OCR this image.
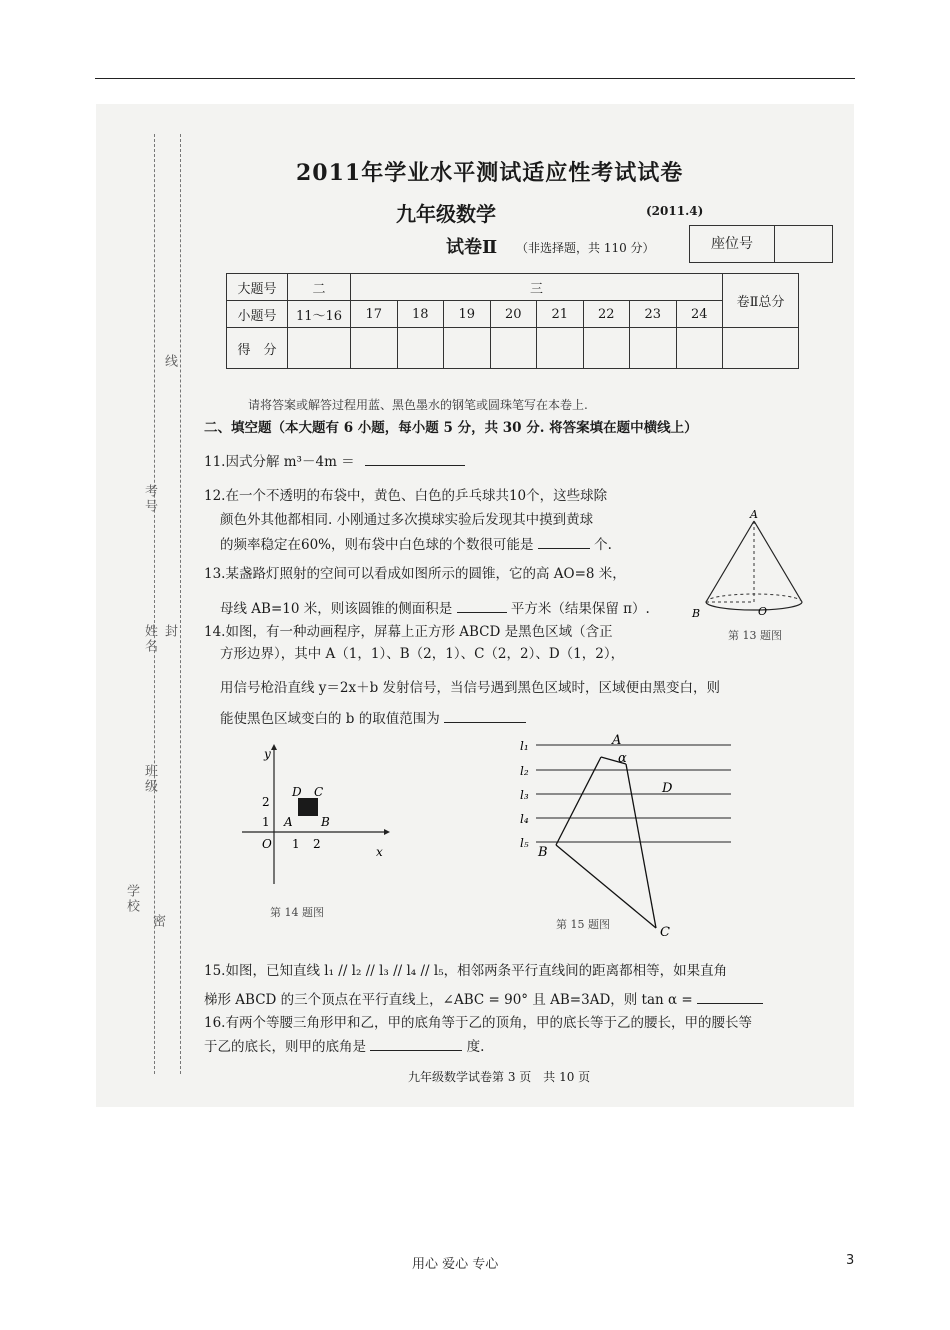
线
考号
姓名 封
班级
学校
密
2011年学业水平测试适应性考试试卷
九年级数学	(2011.4)
试卷Ⅱ （非选择题，共 110 分）	座位号
大题号	二	三								卷Ⅱ总分
小题号	11～16	17	18	19	20	21	22	23	24	
得　分										
请将答案或解答过程用蓝、黑色墨水的钢笔或圆珠笔写在本卷上.
二、填空题（本大题有 6 小题，每小题 5 分，共 30 分. 将答案填在题中横线上）
11.因式分解 m³－4m ＝
12.在一个不透明的布袋中，黄色、白色的乒乓球共10个，这些球除
颜色外其他都相同. 小刚通过多次摸球实验后发现其中摸到黄球
的频率稳定在60%，则布袋中白色球的个数很可能是	个.
13.某盏路灯照射的空间可以看成如图所示的圆锥，它的高 AO=8 米，
母线 AB=10 米，则该圆锥的侧面积是	平方米（结果保留 π）.
14.如图，有一种动画程序，屏幕上正方形 ABCD 是黑色区域（含正
方形边界），其中 A（1，1）、B（2，1）、C（2，2）、D（1，2），
用信号枪沿直线 y＝2x＋b 发射信号，当信号遇到黑色区域时，区域便由黑变白，则
能使黑色区域变白的 b 的取值范围为
A
B	O
第 13 题图
y
x
O 1 2
1
2
A B
C
D
第 14 题图
l₁
l₂
l₃
l₄
l₅
A
α
D
B
C
第 15 题图
15.如图，已知直线 l₁ // l₂ // l₃ // l₄ // l₅，相邻两条平行直线间的距离都相等，如果直角
梯形 ABCD 的三个顶点在平行直线上，∠ABC = 90° 且 AB=3AD，则 tan α =
16.有两个等腰三角形甲和乙，甲的底角等于乙的顶角，甲的底长等于乙的腰长，甲的腰长等
于乙的底长，则甲的底角是	度.
九年级数学试卷第 3 页　共 10 页
用心 爱心 专心	3
